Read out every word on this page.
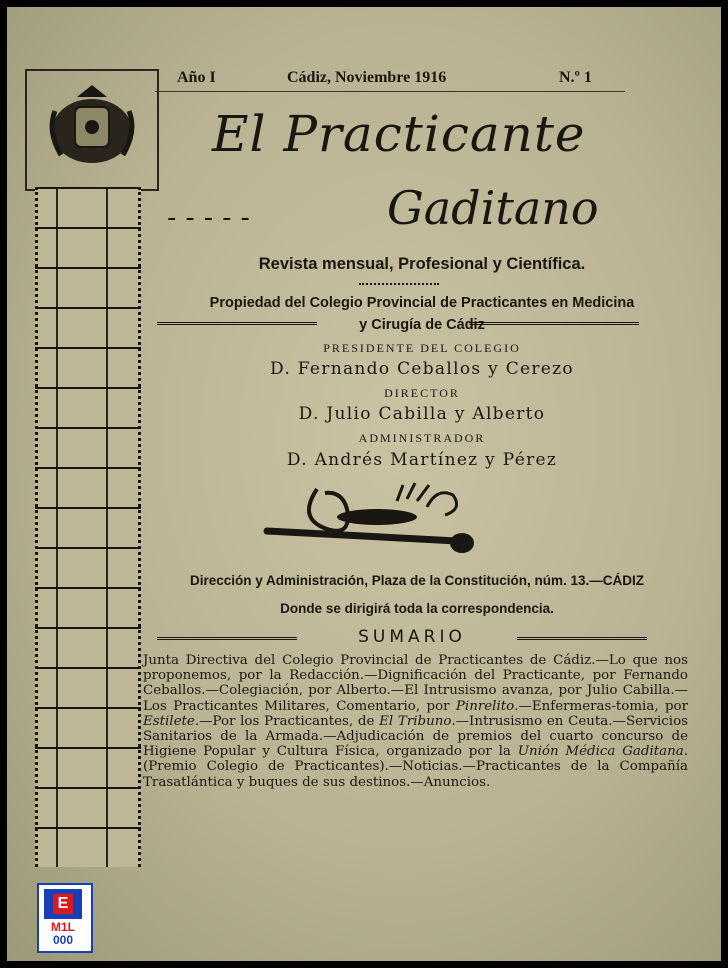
Año I	Cádiz, Noviembre 1916	N.º 1
El Practicante
-----	Gaditano
Revista mensual, Profesional y Científica.
Propiedad del Colegio Provincial de Practicantes en Medicina
y Cirugía de Cádiz
PRESIDENTE DEL COLEGIO
D. Fernando Ceballos y Cerezo
DIRECTOR
D. Julio Cabilla y Alberto
ADMINISTRADOR
D. Andrés Martínez y Pérez
Dirección y Administración, Plaza de la Constitución, núm. 13.—CÁDIZ
Donde se dirigirá toda la correspondencia.
SUMARIO
Junta Directiva del Colegio Provincial de Practicantes de Cádiz.—Lo que nos proponemos, por la Redacción.—Dignificación del Practicante, por Fernando Ceballos.—Colegiación, por Alberto.—El Intrusismo avanza, por Julio Cabilla.—Los Practicantes Militares, Comentario, por Pinrelito.—Enfermeras-tomia, por Estilete.—Por los Practicantes, de El Tribuno.—Intrusismo en Ceuta.—Servicios Sanitarios de la Armada.—Adjudicación de premios del cuarto concurso de Higiene Popular y Cultura Física, organizado por la Unión Médica Gaditana. (Premio Colegio de Practicantes).—Noticias.—Practicantes de la Compañía Trasatlántica y buques de sus destinos.—Anuncios.
E
M1L
000
